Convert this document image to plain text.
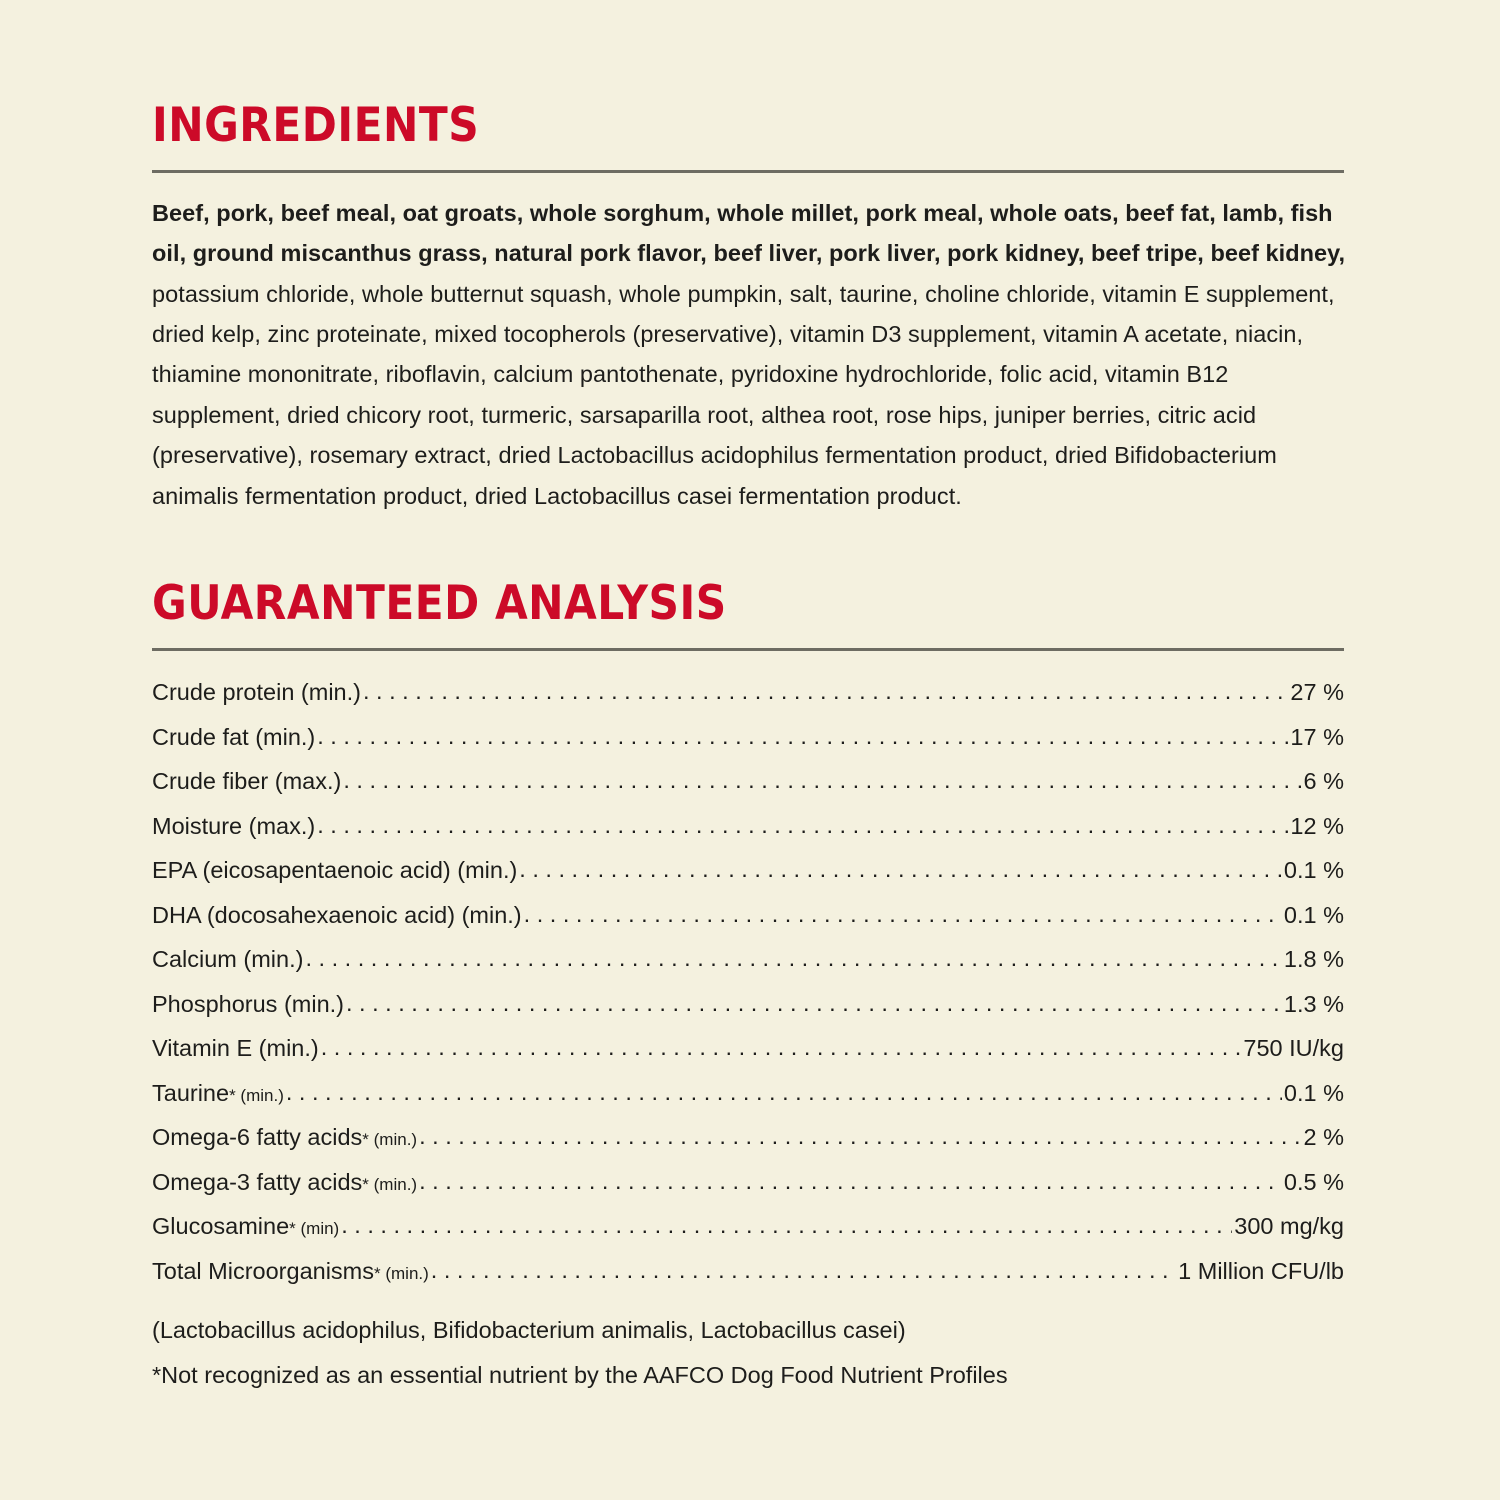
INGREDIENTS

Beef, pork, beef meal, oat groats, whole sorghum, whole millet, pork meal, whole oats, beef fat, lamb, fish oil, ground miscanthus grass, natural pork flavor, beef liver, pork liver, pork kidney, beef tripe, beef kidney, potassium chloride, whole butternut squash, whole pumpkin, salt, taurine, choline chloride, vitamin E supplement, dried kelp, zinc proteinate, mixed tocopherols (preservative), vitamin D3 supplement, vitamin A acetate, niacin, thiamine mononitrate, riboflavin, calcium pantothenate, pyridoxine hydrochloride, folic acid, vitamin B12 supplement, dried chicory root, turmeric, sarsaparilla root, althea root, rose hips, juniper berries, citric acid (preservative), rosemary extract, dried Lactobacillus acidophilus fermentation product, dried Bifidobacterium animalis fermentation product, dried Lactobacillus casei fermentation product.

GUARANTEED ANALYSIS
Crude protein (min.) . . .	27 %
Crude fat (min.) . . .	17 %
Crude fiber (max.) . . .	6 %
Moisture (max.) . . .	12 %
EPA (eicosapentaenoic acid) (min.) . . .	0.1 %
DHA (docosahexaenoic acid) (min.) . . .	0.1 %
Calcium (min.) . . .	1.8 %
Phosphorus (min.) . . .	1.3 %
Vitamin E (min.) . . .	750 IU/kg
Taurine * (min.) . . .	0.1 %
Omega-6 fatty acids * (min.) . . .	2 %
Omega-3 fatty acids * (min.) . . .	0.5 %
Glucosamine * (min) . . .	300 mg/kg
Total Microorganisms * (min.) . . .	1 Million CFU/lb
(Lactobacillus acidophilus, Bifidobacterium animalis, Lactobacillus casei)
*Not recognized as an essential nutrient by the AAFCO Dog Food Nutrient Profiles
